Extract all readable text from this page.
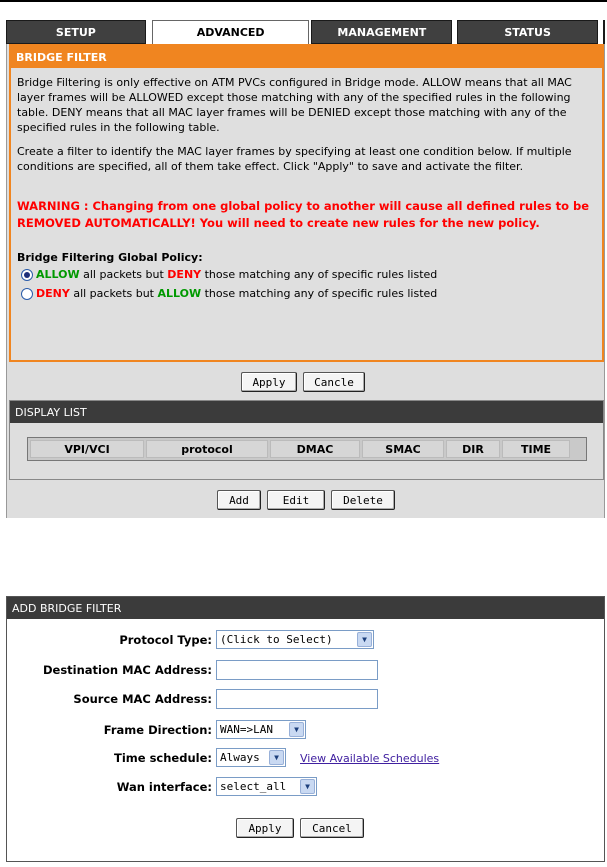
SETUP	ADVANCED	MANAGEMENT	STATUS
BRIDGE FILTER
Bridge Filtering is only effective on ATM PVCs configured in Bridge mode. ALLOW means that all MAC layer frames will be ALLOWED except those matching with any of the specified rules in the following table. DENY means that all MAC layer frames will be DENIED except those matching with any of the specified rules in the following table.
Create a filter to identify the MAC layer frames by specifying at least one condition below. If multiple conditions are specified, all of them take effect. Click "Apply" to save and activate the filter.
WARNING : Changing from one global policy to another will cause all defined rules to be REMOVED AUTOMATICALLY! You will need to create new rules for the new policy.
Bridge Filtering Global Policy:
ALLOW all packets but DENY those matching any of specific rules listed
DENY all packets but ALLOW those matching any of specific rules listed
Apply	Cancle
DISPLAY LIST
VPI/VCI	protocol	DMAC	SMAC	DIR	TIME
Add	Edit	Delete
ADD BRIDGE FILTER
Protocol Type: (Click to Select)	▼
Destination MAC Address:
Source MAC Address:
Frame Direction: WAN=>LAN	▼
Time schedule: Always	▼	View Available Schedules
Wan interface: select_all	▼
Apply	Cancel
